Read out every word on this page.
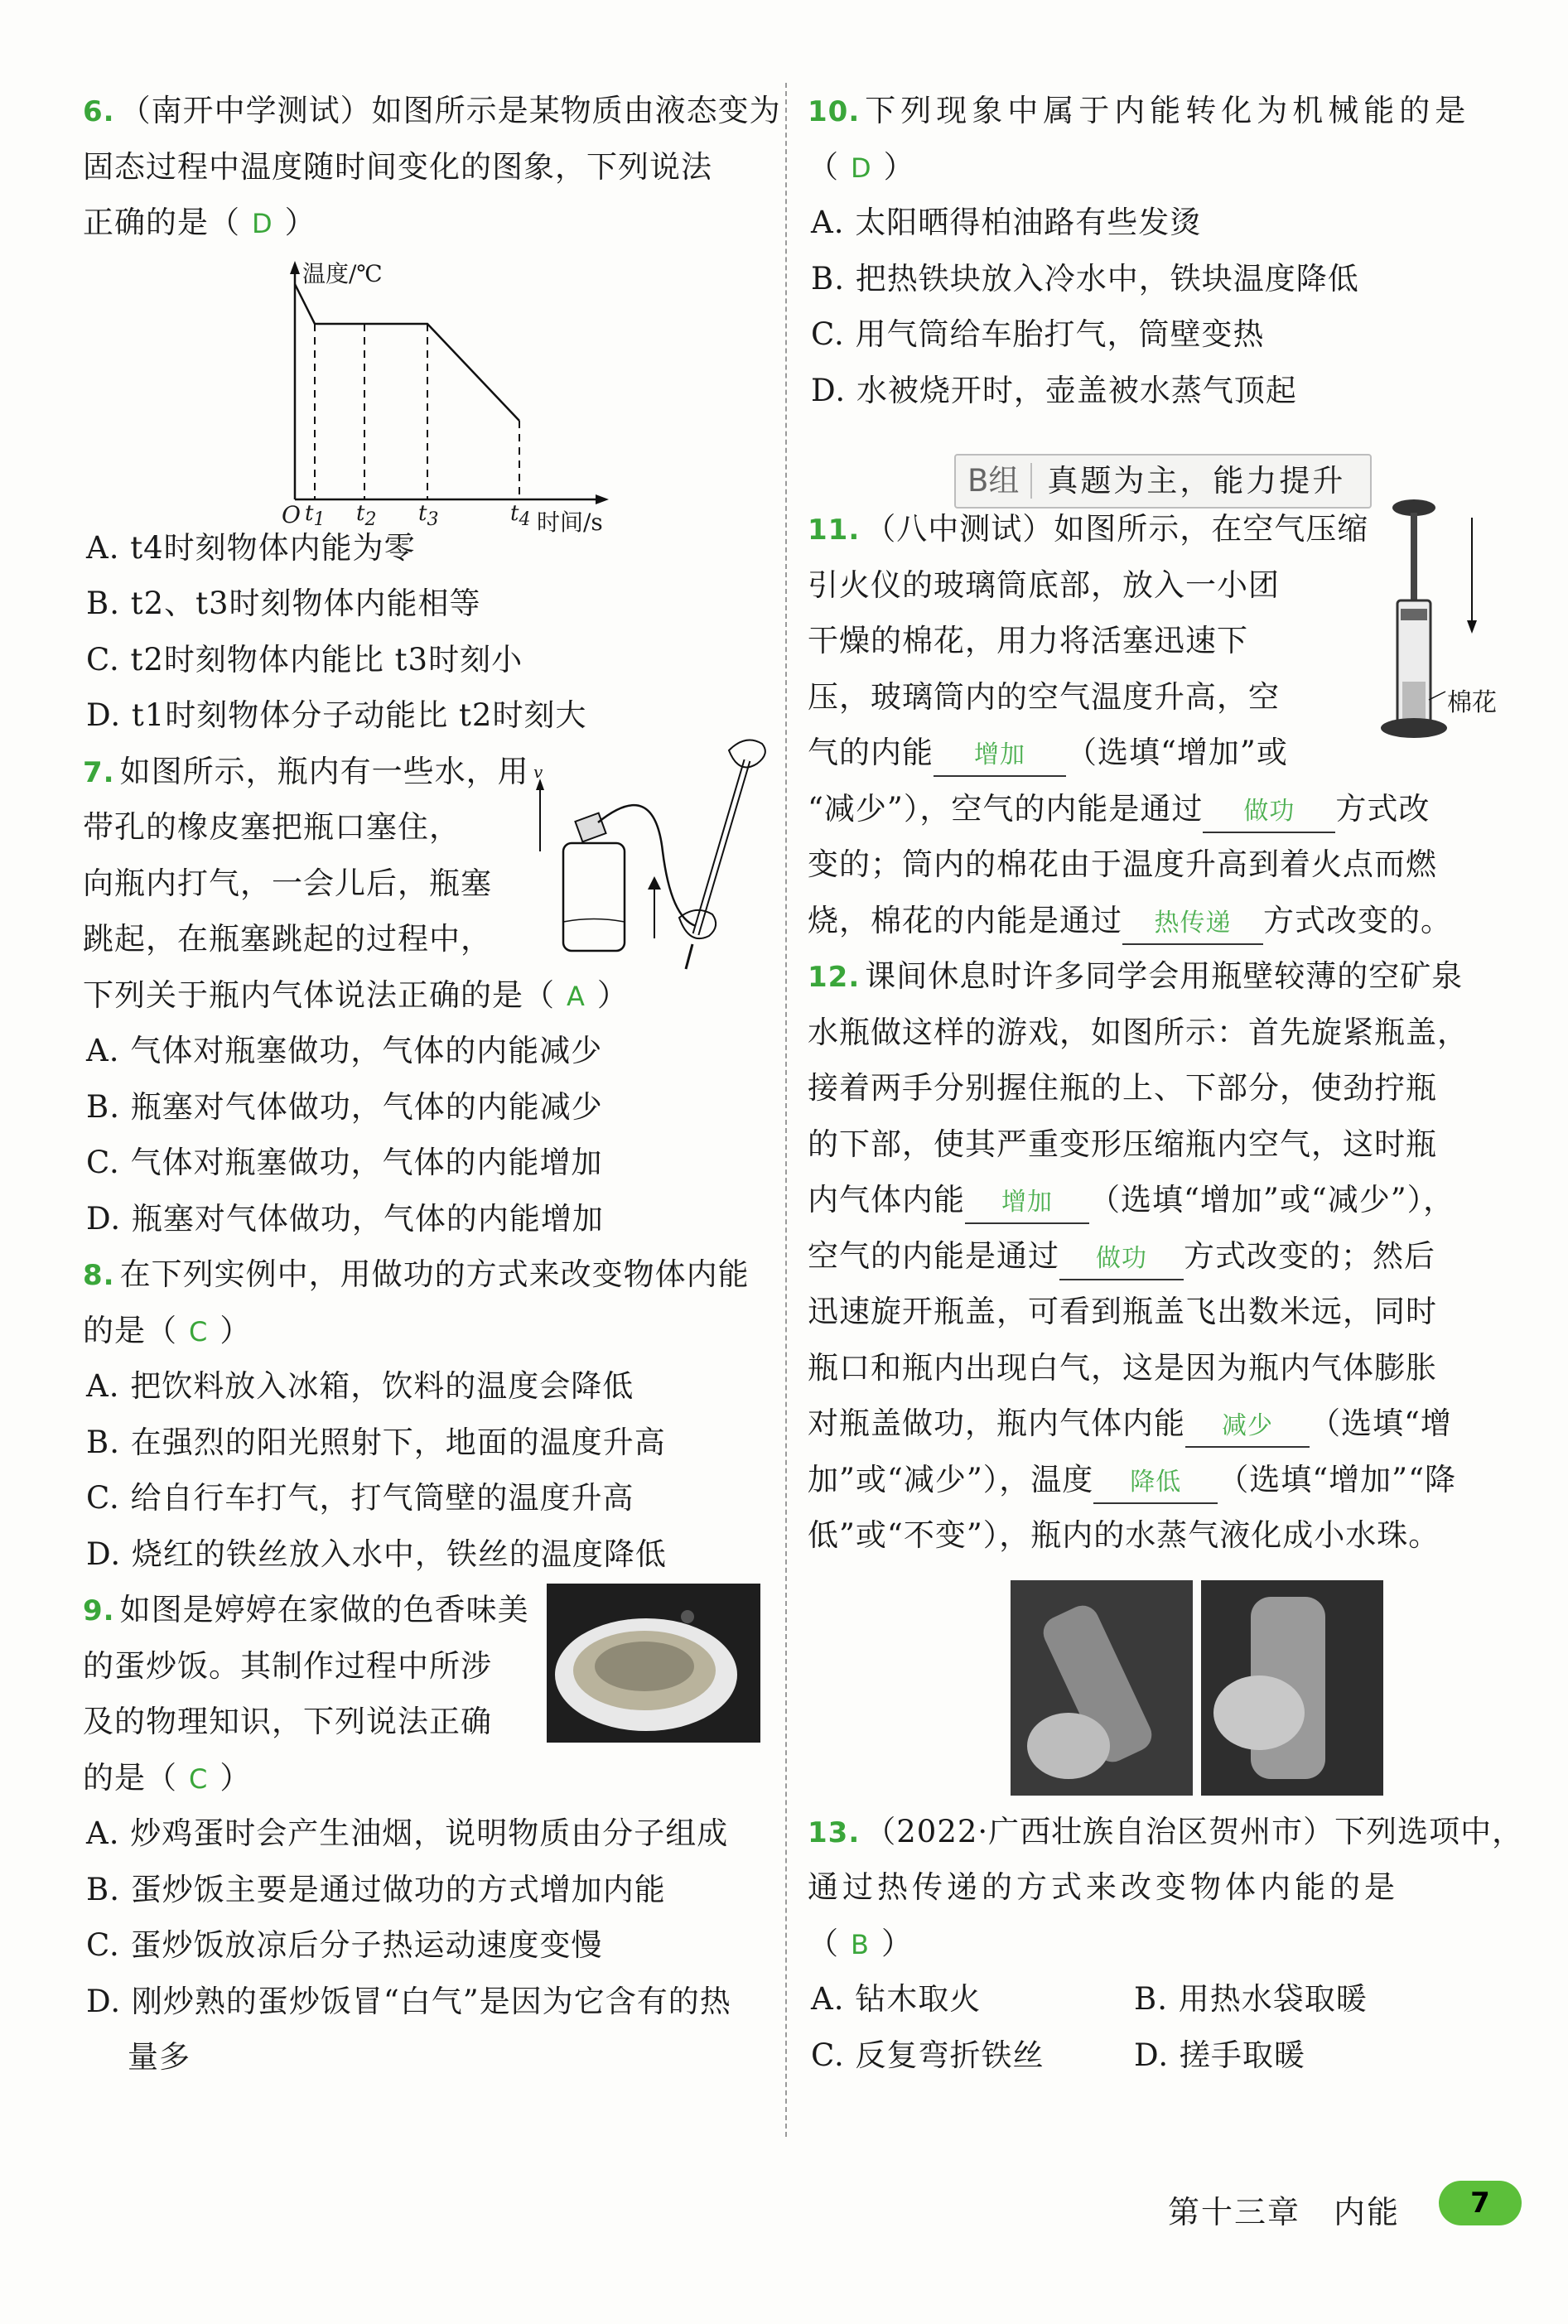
6. （南开中学测试）如图所示是某物质由液态变为
固态过程中温度随时间变化的图象，下列说法
正确的是（ D ）
温度/℃
O $t_1$ $t_2$ $t_3$	$t_4$ 时间/s
A. t4时刻物体内能为零
B. t2、t3时刻物体内能相等
C. t2时刻物体内能比 t3时刻小
D. t1时刻物体分子动能比 t2时刻大
7. 如图所示，瓶内有一些水，用
带孔的橡皮塞把瓶口塞住，
向瓶内打气，一会儿后，瓶塞
跳起，在瓶塞跳起的过程中，
下列关于瓶内气体说法正确的是（ A ）
v
A. 气体对瓶塞做功，气体的内能减少
B. 瓶塞对气体做功，气体的内能减少
C. 气体对瓶塞做功，气体的内能增加
D. 瓶塞对气体做功，气体的内能增加
8. 在下列实例中，用做功的方式来改变物体内能
的是（ C ）
A. 把饮料放入冰箱，饮料的温度会降低
B. 在强烈的阳光照射下，地面的温度升高
C. 给自行车打气，打气筒壁的温度升高
D. 烧红的铁丝放入水中，铁丝的温度降低
9. 如图是婷婷在家做的色香味美
的蛋炒饭。其制作过程中所涉
及的物理知识，下列说法正确
的是（ C ）
A. 炒鸡蛋时会产生油烟，说明物质由分子组成
B. 蛋炒饭主要是通过做功的方式增加内能
C. 蛋炒饭放凉后分子热运动速度变慢
D. 刚炒熟的蛋炒饭冒“白气”是因为它含有的热
量多
10. 下列现象中属于内能转化为机械能的是
（ D ）
A. 太阳晒得柏油路有些发烫
B. 把热铁块放入冷水中，铁块温度降低
C. 用气筒给车胎打气，筒壁变热
D. 水被烧开时，壶盖被水蒸气顶起
11. （八中测试）如图所示，在空气压缩
引火仪的玻璃筒底部，放入一小团
干燥的棉花，用力将活塞迅速下
压，玻璃筒内的空气温度升高，空
气的内能 增加 （选填“增加”或
“减少”），空气的内能是通过 做功 方式改
变的；筒内的棉花由于温度升高到着火点而燃
烧，棉花的内能是通过 热传递 方式改变的。
棉花
12. 课间休息时许多同学会用瓶壁较薄的空矿泉
水瓶做这样的游戏，如图所示：首先旋紧瓶盖，
接着两手分别握住瓶的上、下部分，使劲拧瓶
的下部，使其严重变形压缩瓶内空气，这时瓶
内气体内能 增加 （选填“增加”或“减少”），
空气的内能是通过 做功 方式改变的；然后
迅速旋开瓶盖，可看到瓶盖飞出数米远，同时
瓶口和瓶内出现白气，这是因为瓶内气体膨胀
对瓶盖做功，瓶内气体内能 减少 （选填“增
加”或“减少”），温度 降低 （选填“增加”“降
低”或“不变”），瓶内的水蒸气液化成小水珠。
13. （2022·广西壮族自治区贺州市）下列选项中，
通过热传递的方式来改变物体内能的是
（ B ）
A. 钻木取火	B. 用热水袋取暖
C. 反复弯折铁丝	D. 搓手取暖
B组 真题为主，能力提升
第十三章　内能	7
